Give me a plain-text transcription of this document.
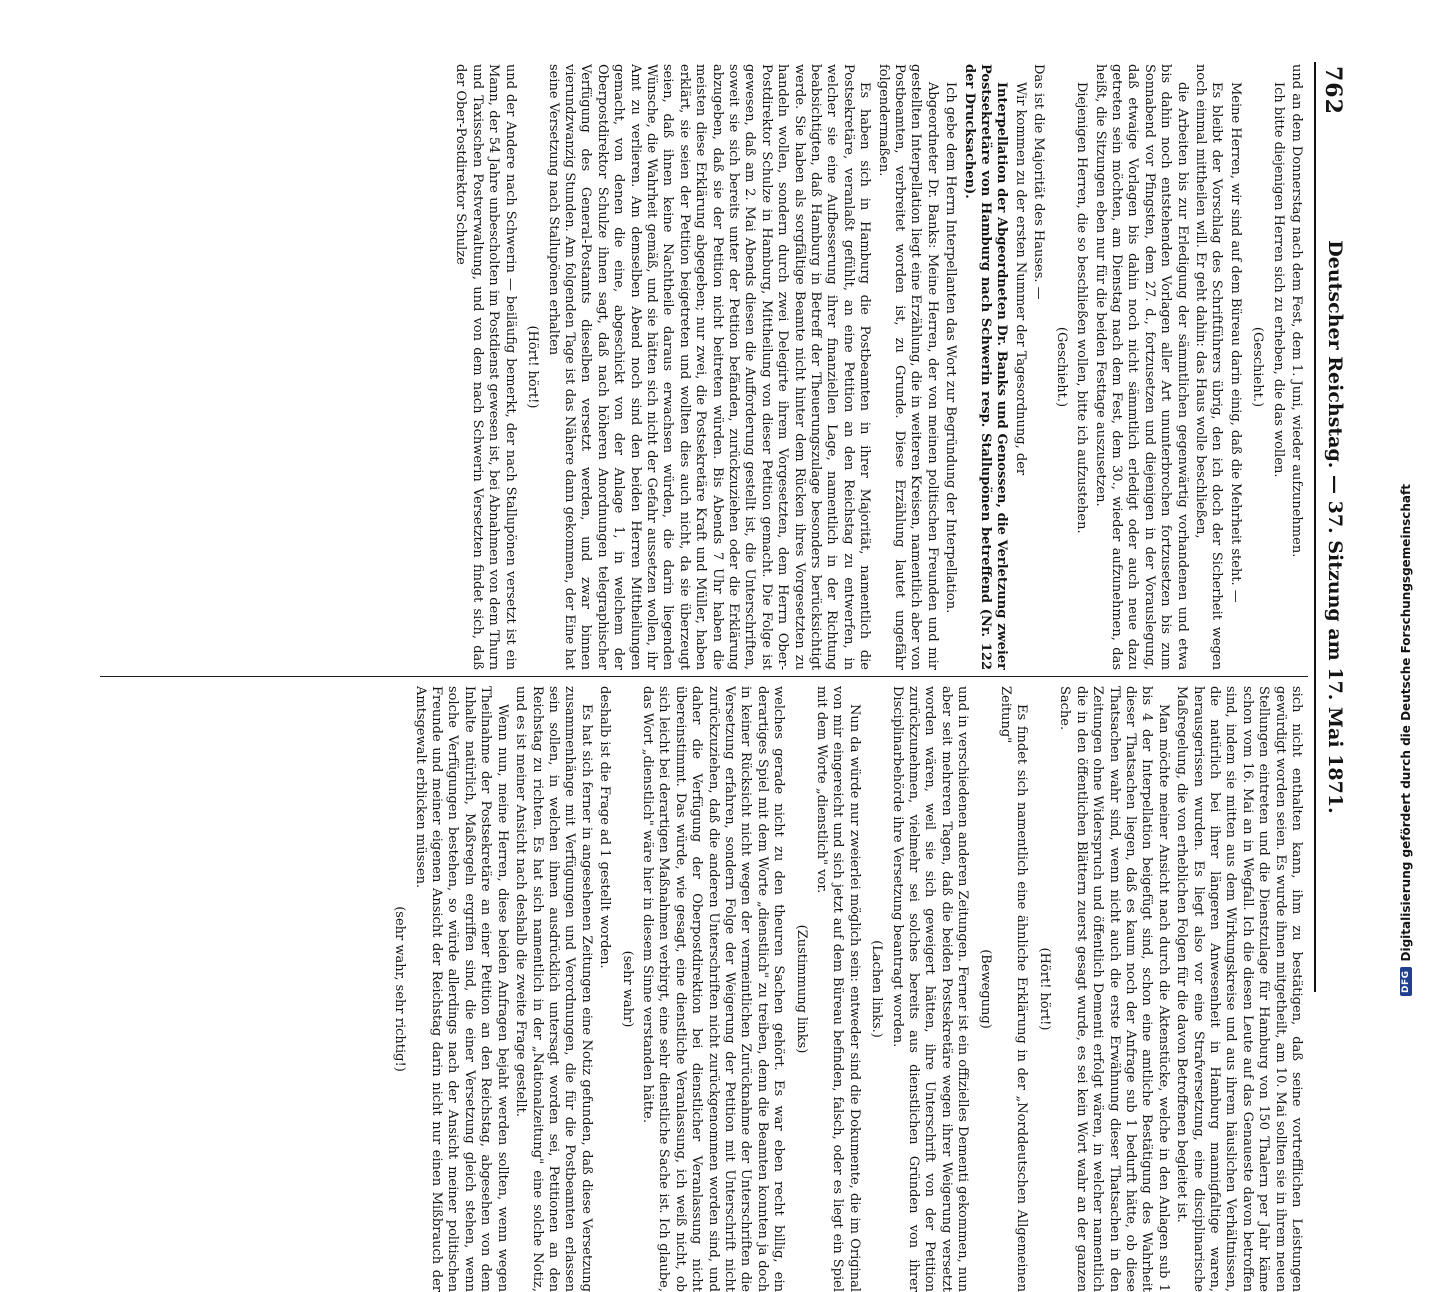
762
Deutscher Reichstag. — 37. Sitzung am 17. Mai 1871.

und an dem Donnerstag nach dem Fest, dem 1. Juni, wieder aufzunehmen.

Ich bitte diejenigen Herren sich zu erheben, die das wollen.

(Geschieht.)

Meine Herren, wir sind auf dem Büreau darin einig, daß die Mehrheit steht. —

Es bleibt der Vorschlag des Schriftführers übrig, den ich doch der Sicherheit wegen noch einmal mittheilen will. Er geht dahin: das Haus wolle beschließen,

die Arbeiten bis zur Erledigung der sämmtlichen gegenwärtig vorhandenen und etwa bis dahin noch entstehenden Vorlagen aller Art ununterbrochen fortzusetzen bis zum Sonnabend vor Pfingsten, dem 27. d., fortzusetzen und diejenigen in der Vorauslegung, daß etwaige Vorlagen bis dahin noch nicht sämmtlich erledigt oder auch neue dazu getreten sein möchten, am Dienstag nach dem Fest, dem 30., wieder aufzunehmen, das heißt, die Sitzungen eben nur für die beiden Festtage auszusetzen.

Diejenigen Herren, die so beschließen wollen, bitte ich aufzustehen.

(Geschieht.)

Das ist die Majorität des Hauses. —

Wir kommen zu der ersten Nummer der Tagesordnung, der

Interpellation der Abgeordneten Dr. Banks und Genossen, die Verletzung zweier Postsekretäre von Hamburg nach Schwerin resp. Stallupönen betreffend (Nr. 122 der Drucksachen).

Ich gebe dem Herrn Interpellanten das Wort zur Begründung der Interpellation.

Abgeordneter Dr. Banks: Meine Herren, der von meinen politischen Freunden und mir gestellten Interpellation liegt eine Erzählung, die in weiteren Kreisen, namentlich aber von Postbeamten, verbreitet worden ist, zu Grunde. Diese Erzählung lautet ungefähr folgendermaßen.

Es haben sich in Hamburg die Postbeamten in ihrer Majorität, namentlich die Postsekretäre, veranlaßt gefühlt, an eine Petition an den Reichstag zu entwerfen, in welcher sie eine Aufbesserung ihrer finanziellen Lage, namentlich in der Richtung beabsichtigten, daß Hamburg in Betreff der Theuerungszulage besonders berücksichtigt werde. Sie haben als sorgfältige Beamte nicht hinter dem Rücken ihres Vorgesetzten zu handeln wollen, sondern durch zwei Delegirte ihrem Vorgesetzten, dem Herrn Ober-Postdirektor Schulze in Hamburg, Mittheilung von dieser Petition gemacht. Die Folge ist gewesen, daß am 2. Mai Abends diesen die Aufforderung gestellt ist, die Unterschriften, soweit sie sich bereits unter der Petition befänden, zurückzuziehen oder die Erklärung abzugeben, daß sie der Petition nicht beitreten würden. Bis Abends 7 Uhr haben die meisten diese Erklärung abgegeben; nur zwei, die Postsekretäre Kraft und Müller, haben erklärt, sie seien der Petition beigetreten und wollten dies auch nicht, da sie überzeugt seien, daß ihnen keine Nachtheile daraus erwachsen würden, die darin liegenden Wünsche, die Wahrheit gemäß, und sie hätten sich nicht der Gefahr aussetzen wollen, ihr Amt zu verlieren. Am demselben Abend noch sind den beiden Herren Mittheilungen gemacht, von denen die eine, abgeschickt von der Anlage 1, in welchem der Oberpostdirektor Schulze ihnen sagt, daß nach höheren Anordnungen telegraphischer Verfügung des General-Postamts dieselben versetzt werden, und zwar binnen vierundzwanzig Stunden. Am folgenden Tage ist das Nähere dann gekommen, der Eine hat seine Versetzung nach Stallupönen erhalten

(Hört! hört!)

und der Andere nach Schwerin — beiläufig bemerkt, der nach Stallupönen versetzt ist ein Mann, der 54 Jahre unbescholten im Postdienst gewesen ist, bei Abnahmen von dem Thurn und Taxisschen Postverwaltung, und von dem nach Schwerin Versetzten findet sich, daß der Ober-Postdirektor Schulze

sich nicht enthalten kann, ihm zu bestätigen, daß seine vortrefflichen Leistungen gewürdigt worden seien. Es wurde ihnen mitgetheilt, am 10. Mai sollten sie in ihrem neuen Stellungen eintreten und die Dienstzulage für Hamburg von 150 Thalern per Jahr käme schon vom 16. Mai an in Wegfall. Ich die diesen Leute auf das Genaueste davon betroffen sind, indem sie mitten aus dem Wirkungskreise und aus ihrem häuslichen Verhältnissen, die natürlich bei ihrer längeren Anwesenheit in Hamburg mannigfaltige waren, herausgerissen wurden. Es liegt also vor eine Strafversetzung, eine disciplinarische Maßregelung, die von erheblichen Folgen für die davon Betroffenen begleitet ist.

Man möchte meiner Ansicht nach durch die Aktenstücke, welche in den Anlagen sub 1 bis 4 der Interpellation beigefügt sind, schon eine amtliche Bestätigung des Wahrheit dieser Thatsachen liegen, daß es kaum noch der Anfrage sub 1 bedurft hätte, ob diese Thatsachen wahr sind, wenn nicht auch die erste Erwähnung dieser Thatsachen in den Zeitungen ohne Widerspruch und öffentlich Dementi erfolgt wären, in welcher namentlich die in den öffentlichen Blättern zuerst gesagt wurde, es sei kein Wort wahr an der ganzen Sache.

(Hört! hört!)

Es findet sich namentlich eine ähnliche Erklärung in der „Norddeutschen Allgemeinen Zeitung"

(Bewegung)

und in verschiedenen anderen Zeitungen. Ferner ist ein offizielles Dementi gekommen, nun aber seit mehreren Tagen, daß die beiden Postsekretäre wegen ihrer Weigerung versetzt worden wären, weil sie sich geweigert hätten, ihre Unterschrift von der Petition zurückzunehmen, vielmehr sei solches bereits aus dienstlichen Gründen von ihrer Disciplinarbehörde ihre Versetzung beantragt worden.

(Lachen links.)

Nun da würde nur zweierlei möglich sein: entweder sind die Dokumente, die im Original von mir eingereicht und sich jetzt auf dem Büreau befinden, falsch, oder es liegt ein Spiel mit dem Worte „dienstlich" vor.

(Zustimmung links)

welches gerade nicht zu den theuren Sachen gehört. Es war eben recht billig, ein derartiges Spiel mit dem Worte „dienstlich" zu treiben, denn die Beamten konnten ja doch in keiner Rücksicht nicht wegen der vermeintlichen Zurücknahme der Unterschriften die Versetzung erfahren, sondern Folge der Weigerung der Petition mit Unterschrift nicht zurückzuziehen, daß die anderen Unterschriften nicht zurückgenommen worden sind, und daher die Verfügung der Oberpostdirektion bei dienstlicher Veranlassung nicht übereinstimmt. Das würde, wie gesagt, eine dienstliche Veranlassung, ich weiß nicht, ob sich leicht bei derartigen Maßnahmen verbirgt, eine sehr dienstliche Sache ist. Ich glaube, das Wort „dienstlich" wäre hier in diesem Sinne verstanden hätte.

(sehr wahr)

deshalb ist die Frage ad 1 gestellt worden.

Es hat sich ferner in angesehenen Zeitungen eine Notiz gefunden, daß diese Versetzung zusammenhänge mit Verfügungen und Verordnungen, die für die Postbeamten erlassen sein sollen, in welchen ihnen ausdrücklich untersagt worden sei, Petitionen an den Reichstag zu richten. Es hat sich namentlich in der „Nationalzeitung" eine solche Notiz, und es ist meiner Ansicht nach deshalb die zweite Frage gestellt.

Wenn nun, meine Herren, diese beiden Anfragen bejaht werden sollten, wenn wegen Theilnahme der Postsekretäre an einer Petition an den Reichstag, abgesehen von dem Inhalte natürlich, Maßregeln ergriffen sind, die einer Versetzung gleich stehen, wenn solche Verfügungen bestehen, so würde allerdings nach der Ansicht meiner politischen Freunde und meiner eigenen Ansicht der Reichstag darin nicht nur einen Mißbrauch der Amtsgewalt erblicken müssen.

(sehr wahr, sehr richtig!)	DFG
Digitalisierung gefördert durch die Deutsche Forschungsgemeinschaft
